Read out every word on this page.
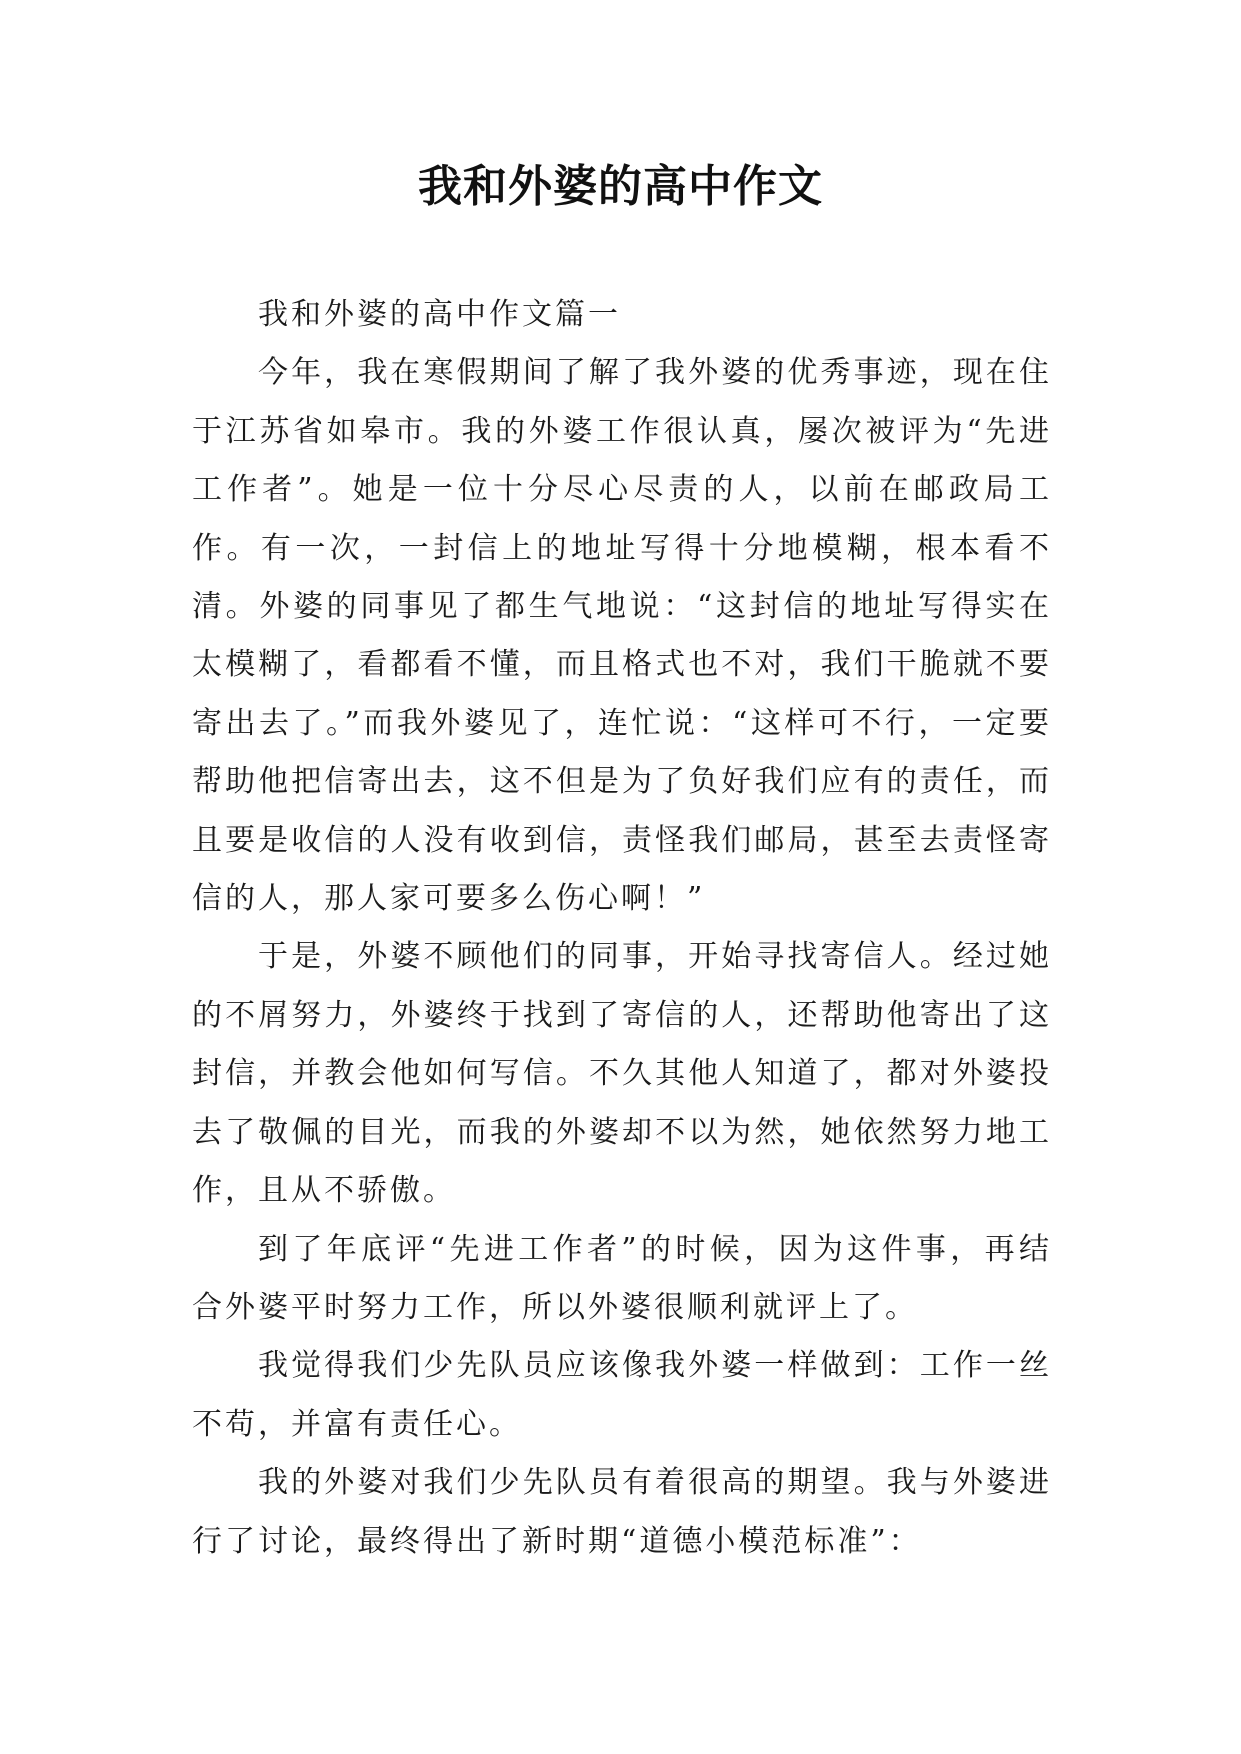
我和外婆的高中作文

我和外婆的高中作文篇一

今年，我在寒假期间了解了我外婆的优秀事迹，现在住于江苏省如皋市。我的外婆工作很认真，屡次被评为“先进工作者”。她是一位十分尽心尽责的人，以前在邮政局工作。有一次，一封信上的地址写得十分地模糊，根本看不清。外婆的同事见了都生气地说：“这封信的地址写得实在太模糊了，看都看不懂，而且格式也不对，我们干脆就不要寄出去了。”而我外婆见了，连忙说：“这样可不行，一定要帮助他把信寄出去，这不但是为了负好我们应有的责任，而且要是收信的人没有收到信，责怪我们邮局，甚至去责怪寄信的人，那人家可要多么伤心啊！”

于是，外婆不顾他们的同事，开始寻找寄信人。经过她的不屑努力，外婆终于找到了寄信的人，还帮助他寄出了这封信，并教会他如何写信。不久其他人知道了，都对外婆投去了敬佩的目光，而我的外婆却不以为然，她依然努力地工作，且从不骄傲。

到了年底评“先进工作者”的时候，因为这件事，再结合外婆平时努力工作，所以外婆很顺利就评上了。

我觉得我们少先队员应该像我外婆一样做到：工作一丝不苟，并富有责任心。

我的外婆对我们少先队员有着很高的期望。我与外婆进行了讨论，最终得出了新时期“道德小模范标准”：
